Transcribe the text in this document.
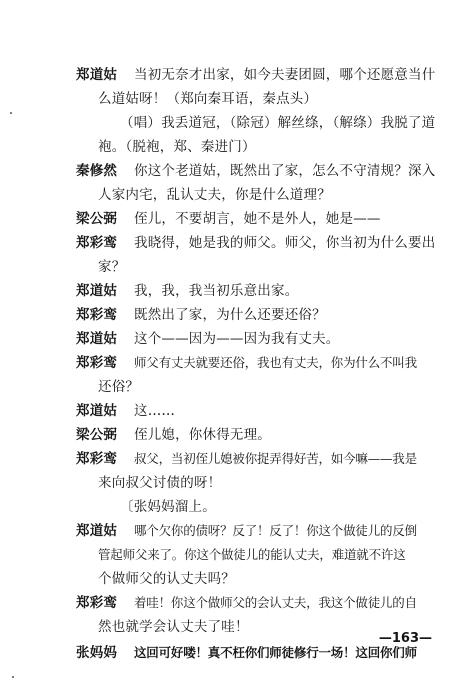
郑道姑 当初无奈才出家，如今夫妻团圆，哪个还愿意当什
么道姑呀！（郑向秦耳语，秦点头）
（唱）我丢道冠，（除冠）解丝绦，（解绦）我脱了道
袍。（脱袍，郑、秦进门）
秦修然 你这个老道姑，既然出了家，怎么不守清规？深入
人家内宅，乱认丈夫，你是什么道理？
梁公弼 侄儿，不要胡言，她不是外人，她是——
郑彩鸾 我晓得，她是我的师父。师父，你当初为什么要出
家？
郑道姑 我，我，我当初乐意出家。
郑彩鸾 既然出了家，为什么还要还俗？
郑道姑 这个——因为——因为我有丈夫。
郑彩鸾 师父有丈夫就要还俗，我也有丈夫，你为什么不叫我
还俗？
郑道姑 这……
梁公弼 侄儿媳，你休得无理。
郑彩鸾 叔父，当初侄儿媳被你捉弄得好苦，如今嘛——我是
来向叔父讨债的呀！
〔张妈妈溜上。
郑道姑 哪个欠你的债呀？反了！反了！你这个做徒儿的反倒
管起师父来了。你这个做徒儿的能认丈夫，难道就不许这
个做师父的认丈夫吗？
郑彩鸾 着哇！你这个做师父的会认丈夫，我这个做徒儿的自
然也就学会认丈夫了哇！
—163—
张妈妈 这回可好喽！真不枉你们师徒修行一场！这回你们师
